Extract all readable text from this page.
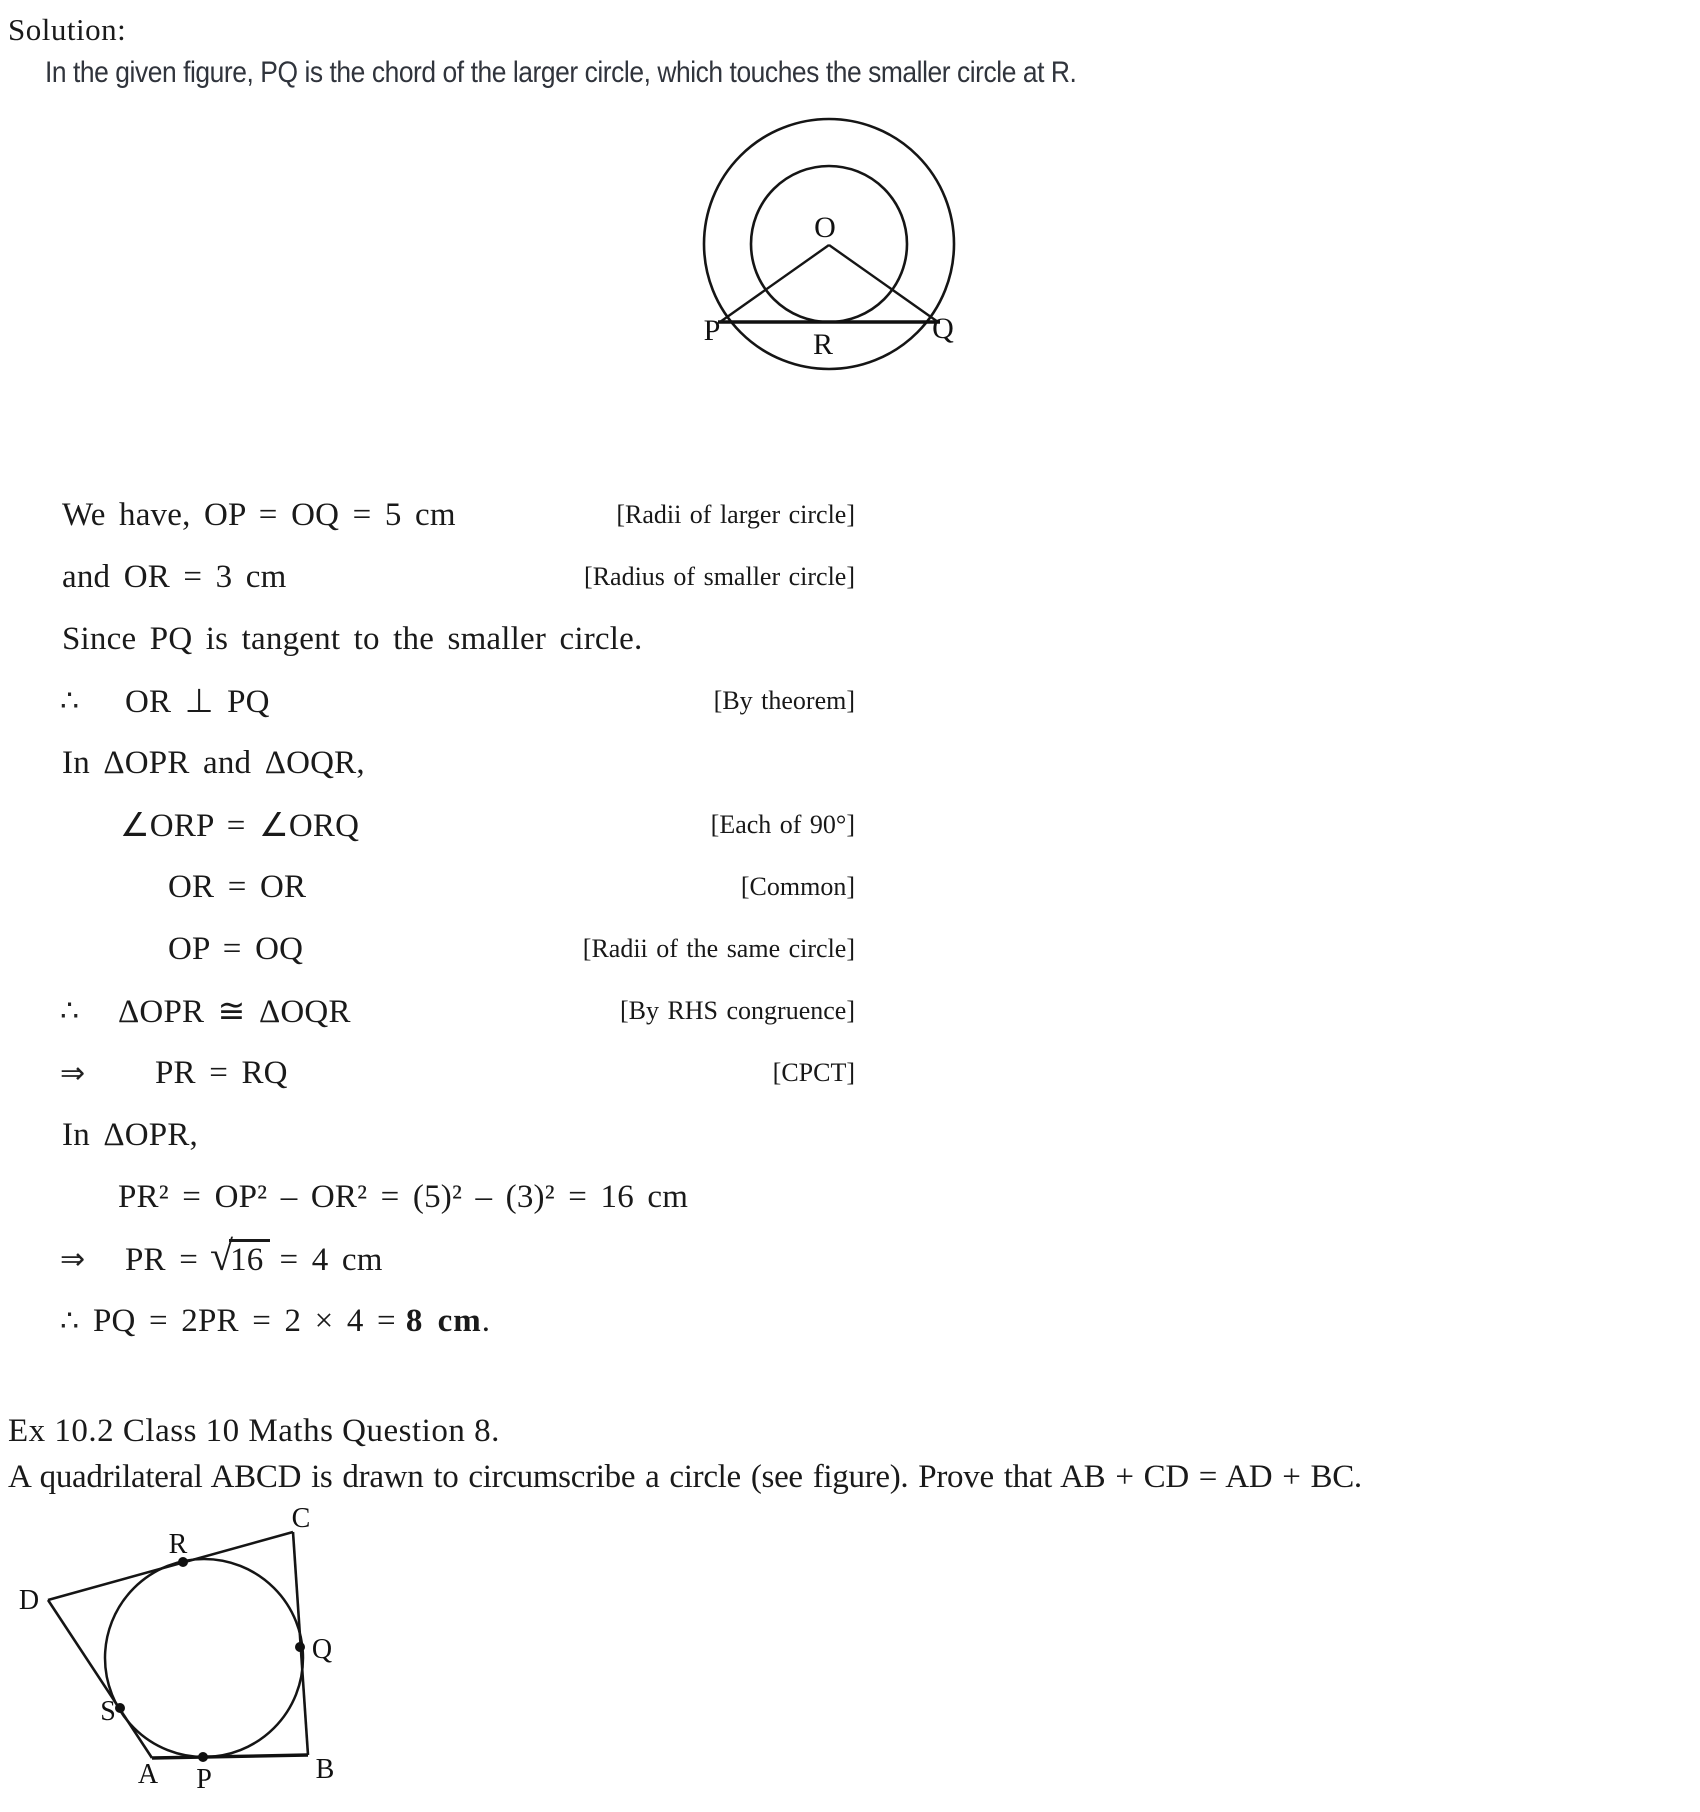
Solution:
In the given figure, PQ is the chord of the larger circle, which touches the smaller circle at R.
O
P	R	Q
We have, OP = OQ = 5 cm	[Radii of larger circle]
and OR = 3 cm	[Radius of smaller circle]
Since PQ is tangent to the smaller circle.
∴ OR ⊥ PQ	[By theorem]
In ΔOPR and ΔOQR,
∠ORP = ∠ORQ	[Each of 90°]
OR = OR	[Common]
OP = OQ	[Radii of the same circle]
∴ ΔOPR ≅ ΔOQR	[By RHS congruence]
⇒ PR = RQ	[CPCT]
In ΔOPR,
PR² = OP² – OR² = (5)² – (3)² = 16 cm
⇒ PR = √16 = 4 cm
∴ PQ = 2PR = 2 × 4 = 8 cm.
Ex 10.2 Class 10 Maths Question 8.
A quadrilateral ABCD is drawn to circumscribe a circle (see figure). Prove that AB + CD = AD + BC.
C
R
D
Q
S
A P	B
